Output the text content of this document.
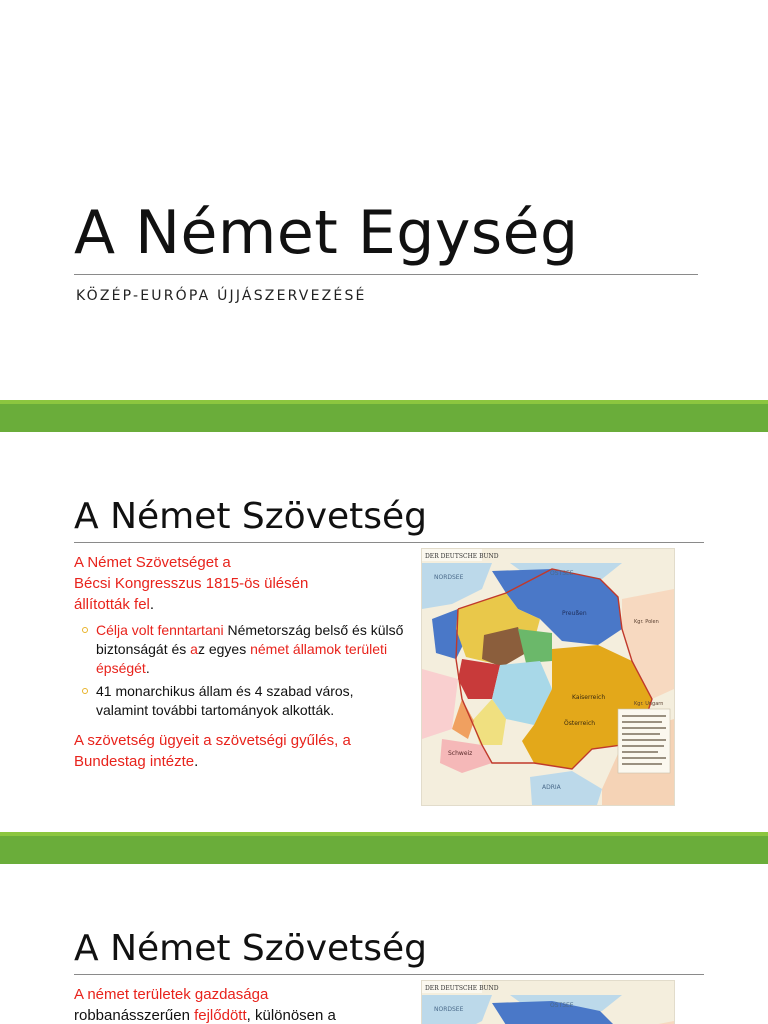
A Német Egység

KÖZÉP-EURÓPA ÚJJÁSZERVEZÉSÉ

A Német Szövetség

A Német Szövetséget a
Bécsi Kongresszus 1815-ös ülésén
állították fel.

Célja volt fenntartani Németország belső és külső biztonságát és az egyes német államok területi épségét.
41 monarchikus állam és 4 szabad város, valamint további tartományok alkották.

A szövetség ügyeit a szövetségi gyűlés, a Bundestag intézte.

DER DEUTSCHE BUND
NORDSEE
OSTSEE
Preußen
Österreich
Kaiserreich
Schweiz
Kgr. Polen
Kgr. Ungarn
ADRIA
A Német Szövetség

A német területek gazdasága
robbanásszerűen fejlődött, különösen a

DER DEUTSCHE BUND
NORDSEE
OSTSEE
